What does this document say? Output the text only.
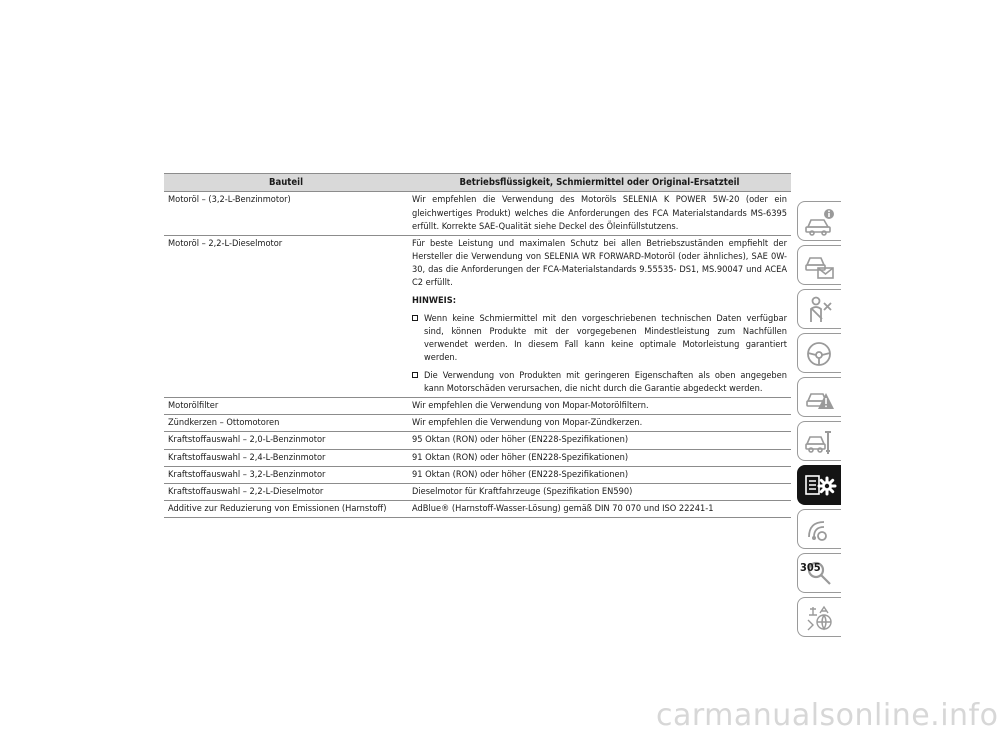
Bauteil	Betriebsflüssigkeit, Schmiermittel oder Original-Ersatzteil
Motoröl – (3,2-L-Benzinmotor)	Wir empfehlen die Verwendung des Motoröls SELENIA K POWER 5W-20 (oder ein gleichwertiges Produkt) welches die Anforderungen des FCA Materialstandards MS-6395 erfüllt. Korrekte SAE-Qualität siehe Deckel des Öleinfüllstutzens.
Motoröl – 2,2-L-Dieselmotor	Für beste Leistung und maximalen Schutz bei allen Betriebszuständen empfiehlt der Hersteller die Verwendung von SELENIA WR FORWARD-Motoröl (oder ähnliches), SAE 0W-30, das die Anforderungen der FCA-Materialstandards 9.55535- DS1, MS.90047 und ACEA C2 erfüllt.

HINWEIS:

Wenn keine Schmiermittel mit den vorgeschriebenen technischen Daten verfügbar sind, können Produkte mit der vorgegebenen Mindestleistung zum Nachfüllen verwendet werden. In diesem Fall kann keine optimale Motorleistung garantiert werden.
Die Verwendung von Produkten mit geringeren Eigenschaften als oben angegeben kann Motorschäden verursachen, die nicht durch die Garantie abgedeckt werden.

Motorölfilter	Wir empfehlen die Verwendung von Mopar-Motorölfiltern.
Zündkerzen – Ottomotoren	Wir empfehlen die Verwendung von Mopar-Zündkerzen.
Kraftstoffauswahl – 2,0-L-Benzinmotor	95 Oktan (RON) oder höher (EN228-Spezifikationen)
Kraftstoffauswahl – 2,4-L-Benzinmotor	91 Oktan (RON) oder höher (EN228-Spezifikationen)
Kraftstoffauswahl – 3,2-L-Benzinmotor	91 Oktan (RON) oder höher (EN228-Spezifikationen)
Kraftstoffauswahl – 2,2-L-Dieselmotor	Dieselmotor für Kraftfahrzeuge (Spezifikation EN590)
Additive zur Reduzierung von Emissionen (Harnstoff)	AdBlue® (Harnstoff-Wasser-Lösung) gemäß DIN 70 070 und ISO 22241-1
305
carmanualsonline.info
